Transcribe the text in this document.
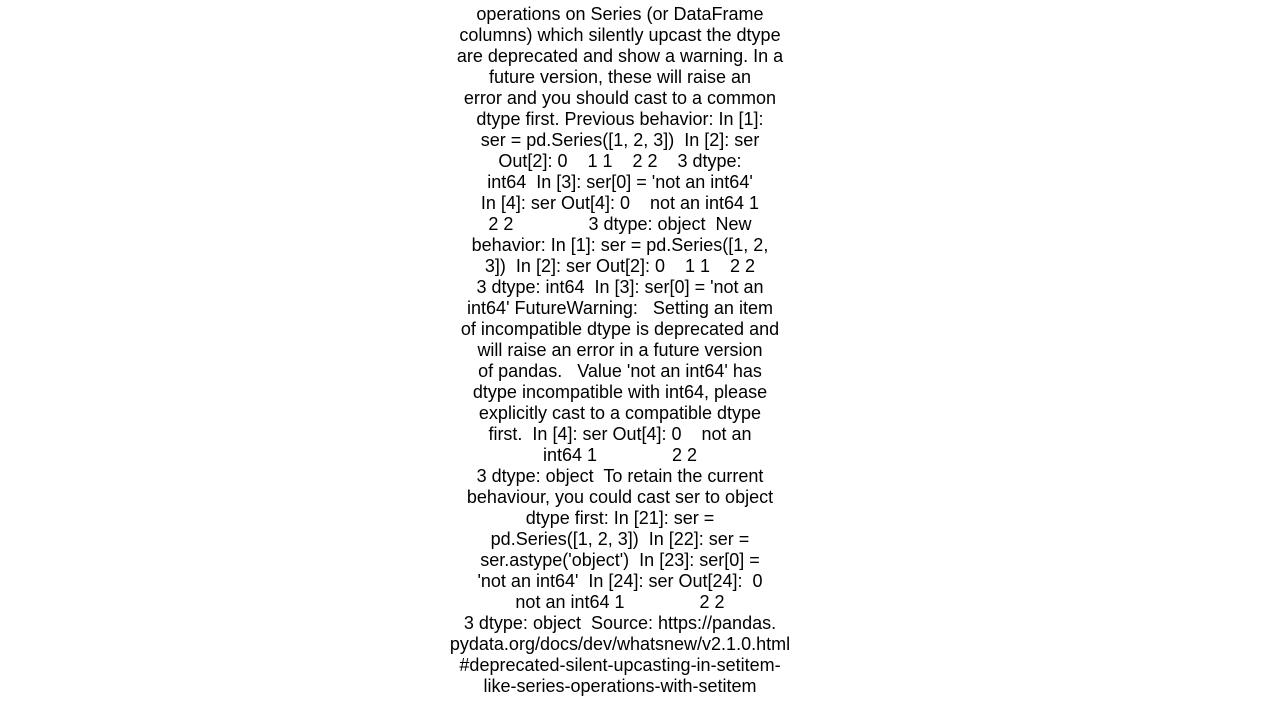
operations on Series (or DataFrame
columns) which silently upcast the dtype
are deprecated and show a warning. In a
future version, these will raise an
error and you should cast to a common
dtype first. Previous behavior: In [1]:
ser = pd.Series([1, 2, 3])  In [2]: ser
Out[2]: 0    1 1    2 2    3 dtype:
int64  In [3]: ser[0] = 'not an int64'
In [4]: ser Out[4]: 0    not an int64 1
2 2               3 dtype: object  New
behavior: In [1]: ser = pd.Series([1, 2,
3])  In [2]: ser Out[2]: 0    1 1    2 2
3 dtype: int64  In [3]: ser[0] = 'not an
int64' FutureWarning:   Setting an item
of incompatible dtype is deprecated and
will raise an error in a future version
of pandas.   Value 'not an int64' has
dtype incompatible with int64, please
explicitly cast to a compatible dtype
first.  In [4]: ser Out[4]: 0    not an
int64 1               2 2
3 dtype: object  To retain the current
behaviour, you could cast ser to object
dtype first: In [21]: ser =
pd.Series([1, 2, 3])  In [22]: ser =
ser.astype('object')  In [23]: ser[0] =
'not an int64'  In [24]: ser Out[24]:  0
not an int64 1               2 2
3 dtype: object  Source: https://pandas.
pydata.org/docs/dev/whatsnew/v2.1.0.html
#deprecated-silent-upcasting-in-setitem-
like-series-operations-with-setitem
